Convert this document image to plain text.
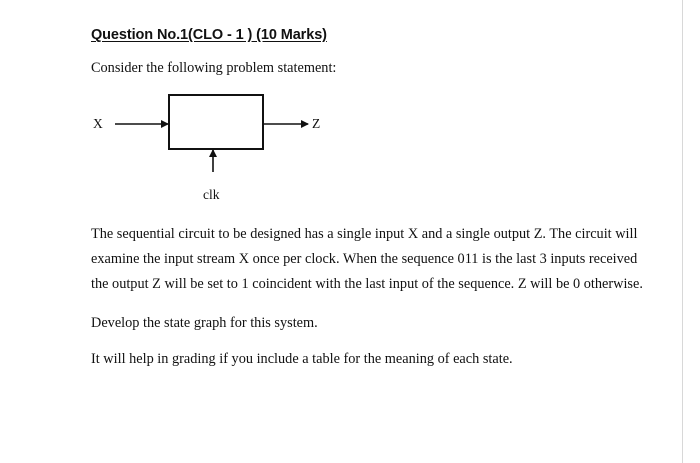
Question No.1(CLO - 1 ) (10 Marks)
Consider the following problem statement:
X	Z
clk
The sequential circuit to be designed has a single input X and a single output Z. The circuit will
examine the input stream X once per clock. When the sequence 011 is the last 3 inputs received
the output Z will be set to 1 coincident with the last input of the sequence. Z will be 0 otherwise.
Develop the state graph for this system.
It will help in grading if you include a table for the meaning of each state.
